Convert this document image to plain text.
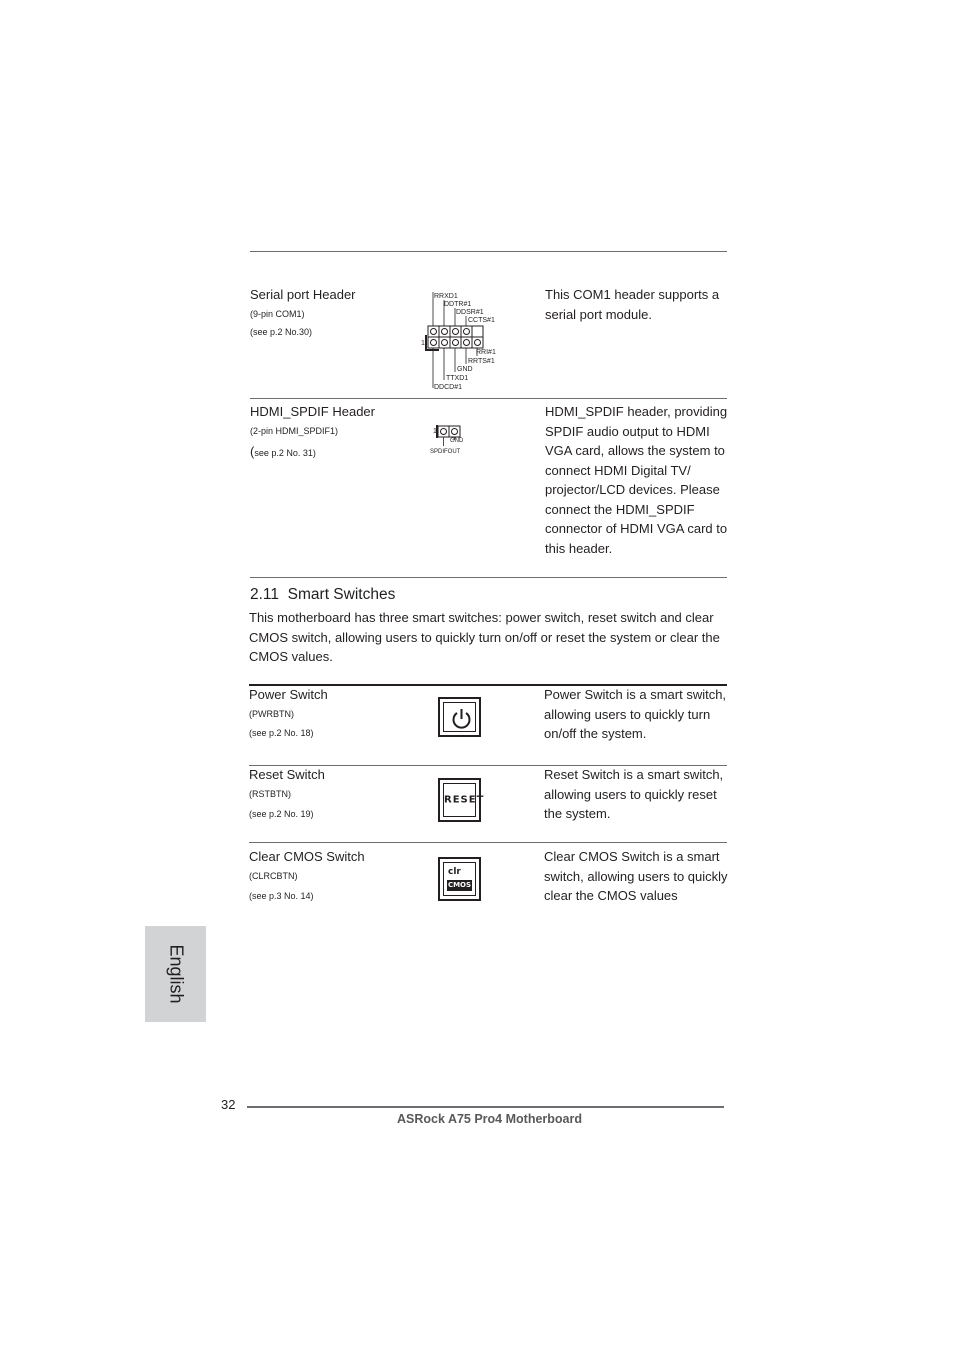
Serial port Header
(9-pin COM1)
(see p.2 No.30)
RRXD1
DDTR#1
DDSR#1
CCTS#1
1
RRI#1
RRTS#1
GND
TTXD1
DDCD#1
This COM1 header supports a
serial port module.
HDMI_SPDIF Header
(2-pin HDMI_SPDIF1)
(see p.2 No. 31)
1
GND
SPDIFOUT
HDMI_SPDIF header, providing
SPDIF audio output to HDMI
VGA card, allows the system to
connect HDMI Digital TV/
projector/LCD devices. Please
connect the HDMI_SPDIF
connector of HDMI VGA card to
this header.
2.11 Smart Switches
This motherboard has three smart switches: power switch, reset switch and clear CMOS switch, allowing users to quickly turn on/off or reset the system or clear the CMOS values.
Power Switch
(PWRBTN)
(see p.2 No. 18)
Power Switch is a smart switch,
allowing users to quickly turn
on/off the system.
Reset Switch
(RSTBTN)
(see p.2 No. 19)
RESET
Reset Switch is a smart switch,
allowing users to quickly reset
the system.
Clear CMOS Switch
(CLRCBTN)
(see p.3 No. 14)
clr
CMOS
Clear CMOS Switch is a smart
switch, allowing users to quickly
clear the CMOS values
English
32
ASRock A75 Pro4 Motherboard
